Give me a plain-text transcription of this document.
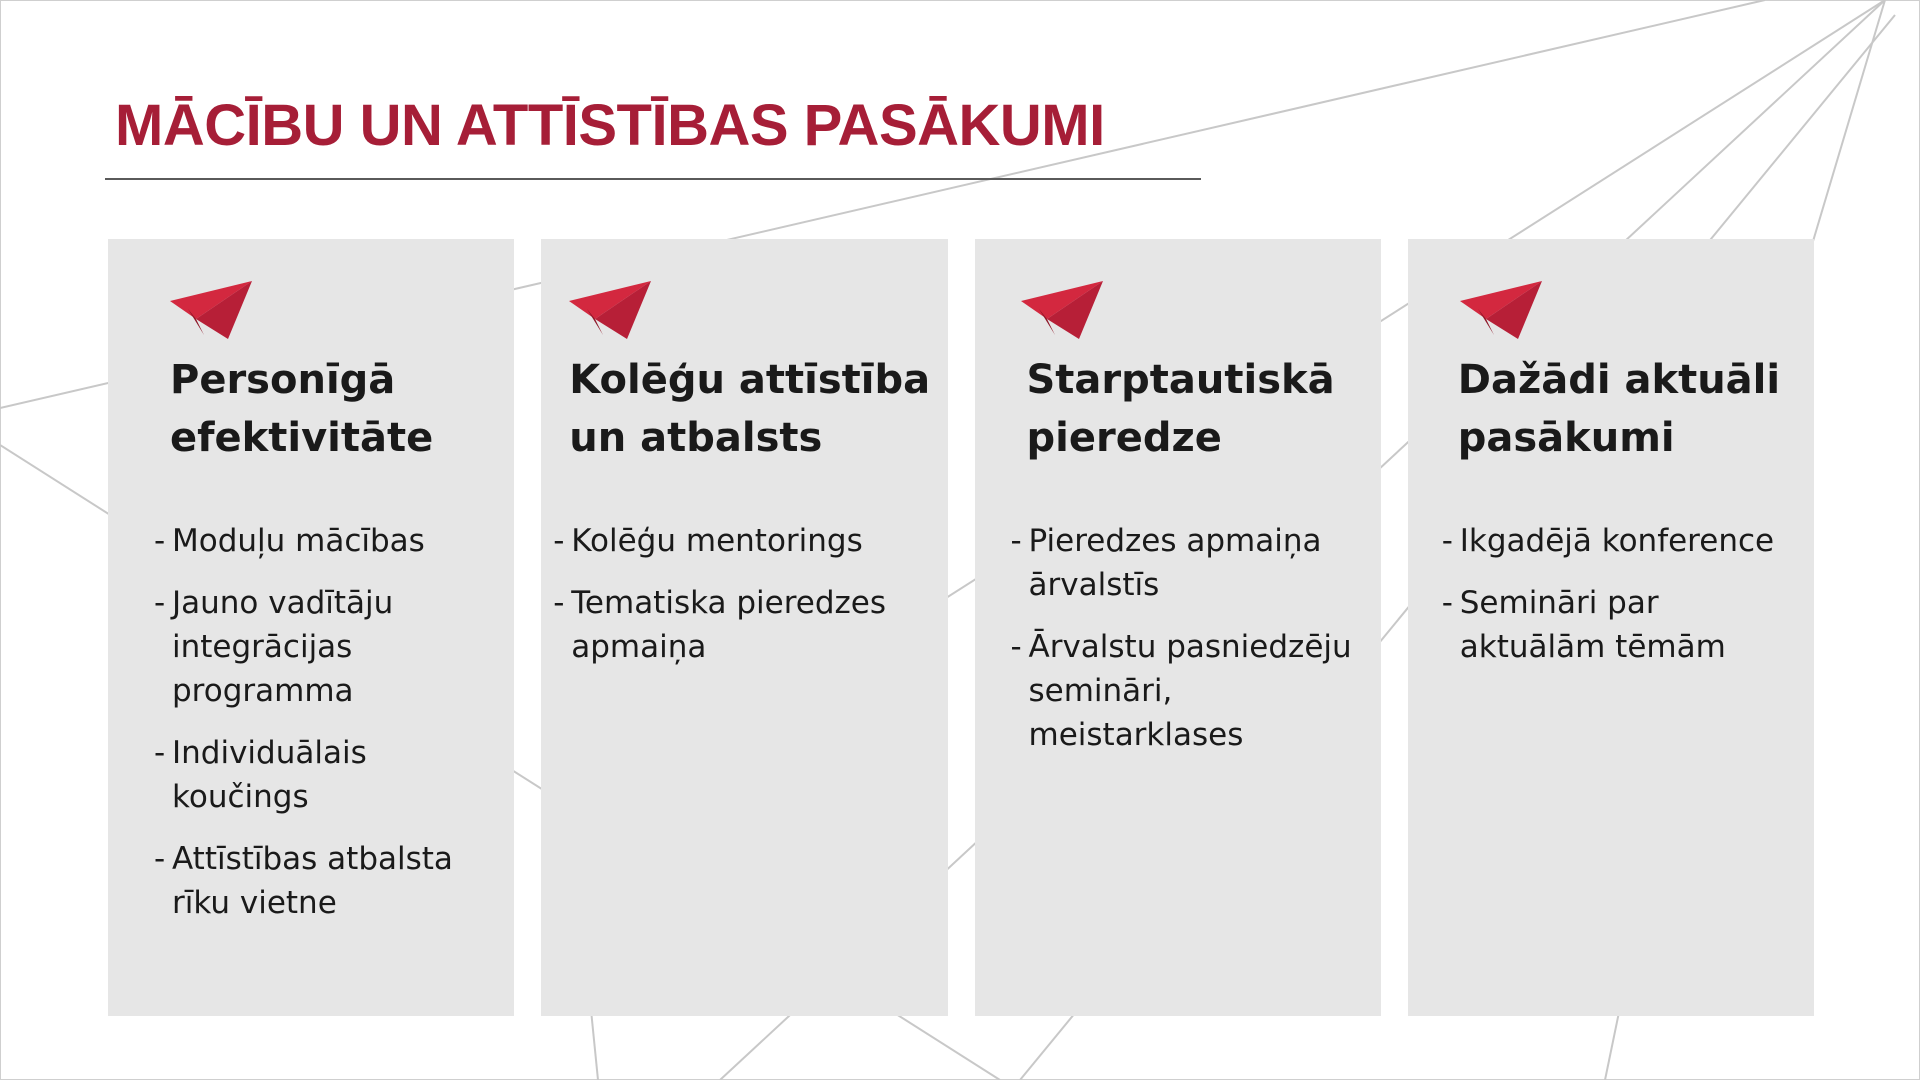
MĀCĪBU UN ATTĪSTĪBAS PASĀKUMI
Personīgā
efektivitāte
- Moduļu mācības
- Jauno vadītāju integrācijas programma
- Individuālais koučings
- Attīstības atbalsta rīku vietne
Kolēģu attīstība
un atbalsts
- Kolēģu mentorings
- Tematiska pieredzes apmaiņa
Starptautiskā
pieredze
- Pieredzes apmaiņa ārvalstīs
- Ārvalstu pasniedzēju semināri, meistarklases
Dažādi aktuāli
pasākumi
- Ikgadējā konference
- Semināri par aktuālām tēmām
